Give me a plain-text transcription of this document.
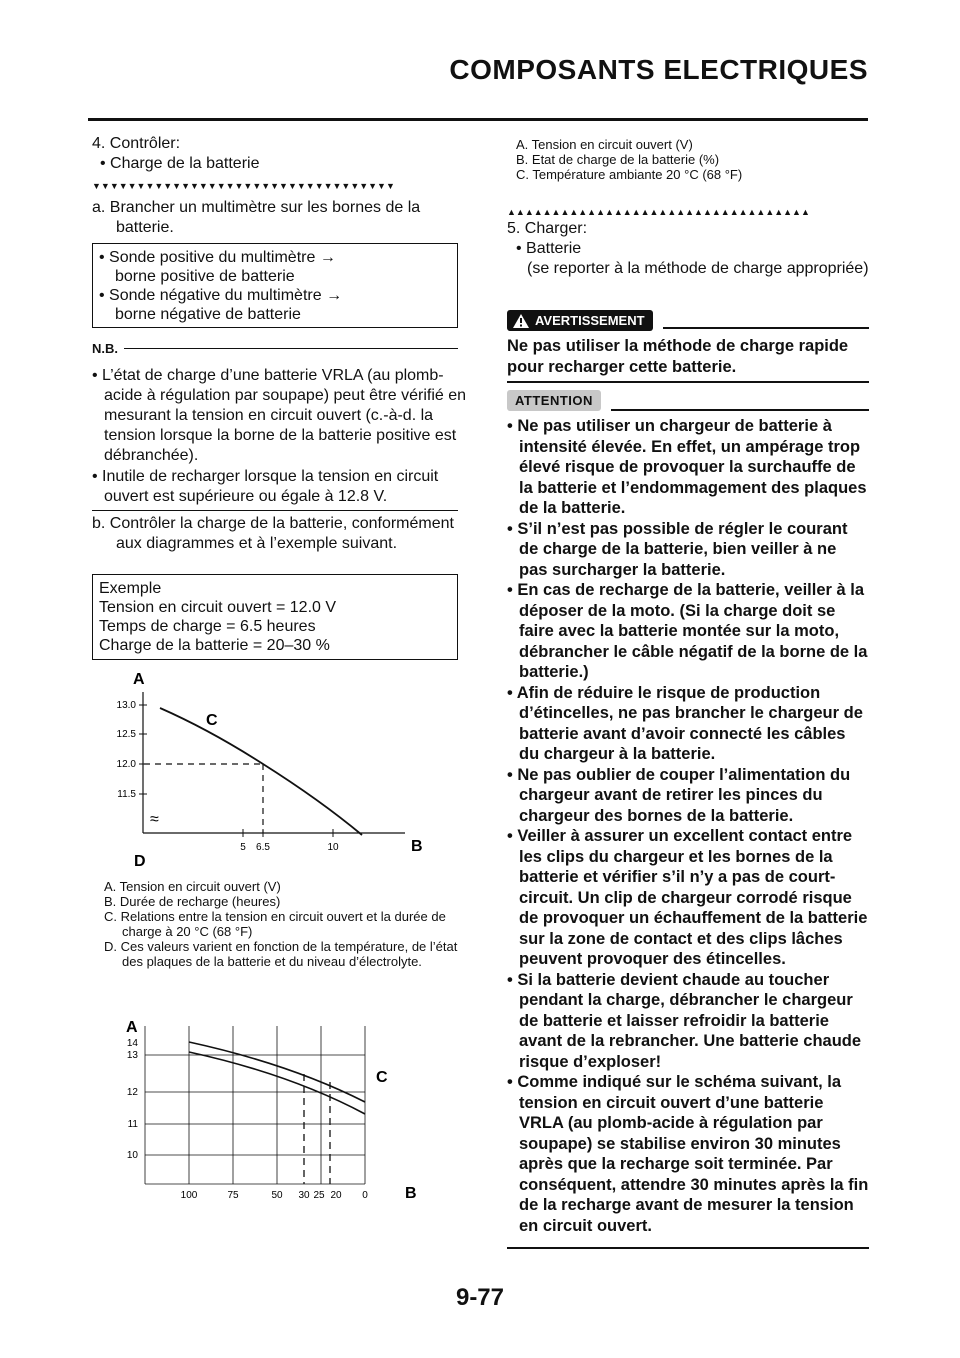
COMPOSANTS ELECTRIQUES
4. Contrôler:
• Charge de la batterie
▼▼▼▼▼▼▼▼▼▼▼▼▼▼▼▼▼▼▼▼▼▼▼▼▼▼▼▼▼▼▼▼▼▼
a. Brancher un multimètre sur les bornes de la batterie.
• Sonde positive du multimètre →
borne positive de batterie
• Sonde négative du multimètre →
borne négative de batterie
N.B.
• L’état de charge d’une batterie VRLA (au plomb-acide à régulation par soupape) peut être vérifié en mesurant la tension en circuit ouvert (c.-à-d. la tension lorsque la borne de la batterie positive est débranchée).
• Inutile de recharger lorsque la tension en circuit ouvert est supérieure ou égale à 12.8 V.
b. Contrôler la charge de la batterie, conformément aux diagrammes et à l’exemple suivant.
Exemple
Tension en circuit ouvert = 12.0 V
Temps de charge = 6.5 heures
Charge de la batterie = 20–30 %
A
13.0
12.5
12.0
11.5
≈
5 6.5	10
C
B
D
A. Tension en circuit ouvert (V)
B. Durée de recharge (heures)
C. Relations entre la tension en circuit ouvert et la durée de charge à 20 °C (68 °F)
D. Ces valeurs varient en fonction de la température, de l’état des plaques de la batterie et du niveau d’électrolyte.
A
14
13
12
11
10
100	75	50 30 25 20 0
C
B
A. Tension en circuit ouvert (V)
B. Etat de charge de la batterie (%)
C. Température ambiante 20 °C (68 °F)
▲▲▲▲▲▲▲▲▲▲▲▲▲▲▲▲▲▲▲▲▲▲▲▲▲▲▲▲▲▲▲▲▲▲
5. Charger:
• Batterie
(se reporter à la méthode de charge appropriée)
AVERTISSEMENT
Ne pas utiliser la méthode de charge rapide pour recharger cette batterie.
ATTENTION
• Ne pas utiliser un chargeur de batterie à intensité élevée. En effet, un ampérage trop élevé risque de provoquer la surchauffe de la batterie et l’endommagement des plaques de la batterie.
• S’il n’est pas possible de régler le courant de charge de la batterie, bien veiller à ne pas surcharger la batterie.
• En cas de recharge de la batterie, veiller à la déposer de la moto. (Si la charge doit se faire avec la batterie montée sur la moto, débrancher le câble négatif de la borne de la batterie.)
• Afin de réduire le risque de production d’étincelles, ne pas brancher le chargeur de batterie avant d’avoir connecté les câbles du chargeur à la batterie.
• Ne pas oublier de couper l’alimentation du chargeur avant de retirer les pinces du chargeur des bornes de la batterie.
• Veiller à assurer un excellent contact entre les clips du chargeur et les bornes de la batterie et vérifier s’il n’y a pas de court-circuit. Un clip de chargeur corrodé risque de provoquer un échauffement de la batterie sur la zone de contact et des clips lâches peuvent provoquer des étincelles.
• Si la batterie devient chaude au toucher pendant la charge, débrancher le chargeur de batterie et laisser refroidir la batterie avant de la rebrancher. Une batterie chaude risque d’exploser!
• Comme indiqué sur le schéma suivant, la tension en circuit ouvert d’une batterie VRLA (au plomb-acide à régulation par soupape) se stabilise environ 30 minutes après que la recharge soit terminée. Par conséquent, attendre 30 minutes après la fin de la recharge avant de mesurer la tension en circuit ouvert.
9-77
